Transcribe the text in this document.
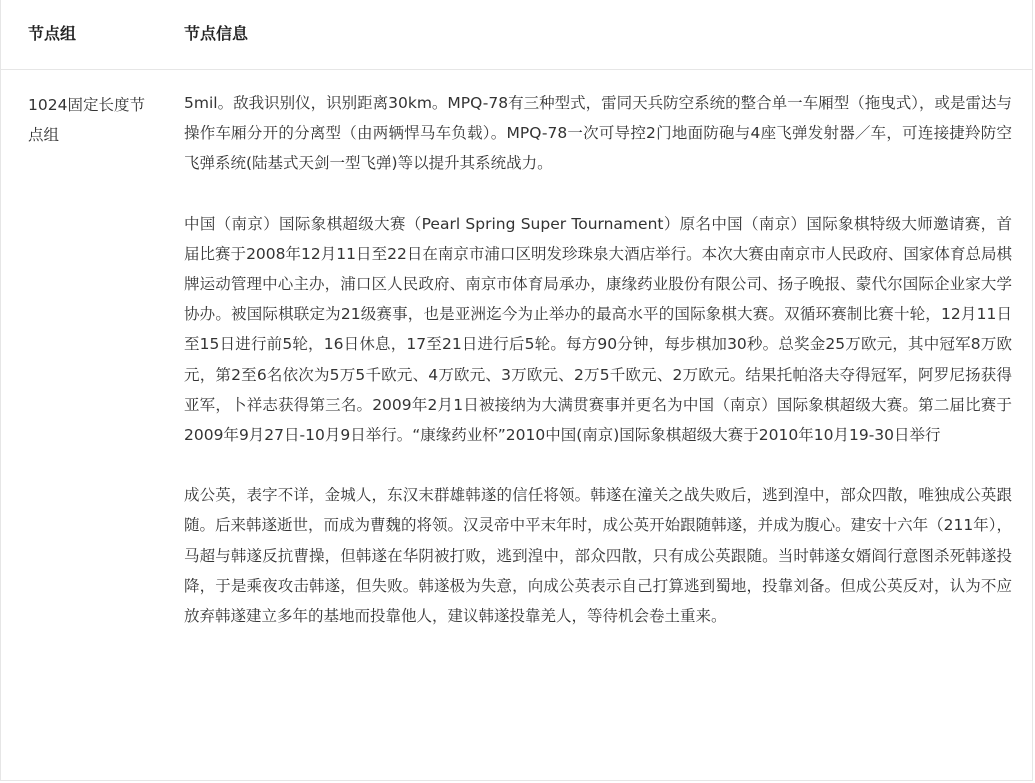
节点组	节点信息
1024固定长度节点组

5mil。敌我识别仪，识别距离30km。MPQ-78有三种型式，雷同天兵防空系统的整合单一车厢型（拖曳式），或是雷达与操作车厢分开的分离型（由两辆悍马车负载）。MPQ-78一次可导控2门地面防砲与4座飞弹发射器／车，可连接捷羚防空飞弹系统(陆基式天剑一型飞弹)等以提升其系统战力。

中国（南京）国际象棋超级大赛（Pearl Spring Super Tournament）原名中国（南京）国际象棋特级大师邀请赛，首届比赛于2008年12月11日至22日在南京市浦口区明发珍珠泉大酒店举行。本次大赛由南京市人民政府、国家体育总局棋牌运动管理中心主办，浦口区人民政府、南京市体育局承办，康缘药业股份有限公司、扬子晚报、蒙代尔国际企业家大学协办。被国际棋联定为21级赛事，也是亚洲迄今为止举办的最高水平的国际象棋大赛。双循环赛制比赛十轮，12月11日至15日进行前5轮，16日休息，17至21日进行后5轮。每方90分钟，每步棋加30秒。总奖金25万欧元，其中冠军8万欧元，第2至6名依次为5万5千欧元、4万欧元、3万欧元、2万5千欧元、2万欧元。结果托帕洛夫夺得冠军，阿罗尼扬获得亚军，卜祥志获得第三名。2009年2月1日被接纳为大满贯赛事并更名为中国（南京）国际象棋超级大赛。第二届比赛于2009年9月27日-10月9日举行。“康缘药业杯”2010中国(南京)国际象棋超级大赛于2010年10月19-30日举行

成公英，表字不详，金城人，东汉末群雄韩遂的信任将领。韩遂在潼关之战失败后，逃到湟中，部众四散，唯独成公英跟随。后来韩遂逝世，而成为曹魏的将领。汉灵帝中平末年时，成公英开始跟随韩遂，并成为腹心。建安十六年（211年），马超与韩遂反抗曹操，但韩遂在华阴被打败，逃到湟中，部众四散，只有成公英跟随。当时韩遂女婿阎行意图杀死韩遂投降，于是乘夜攻击韩遂，但失败。韩遂极为失意，向成公英表示自己打算逃到蜀地，投靠刘备。但成公英反对，认为不应放弃韩遂建立多年的基地而投靠他人，建议韩遂投靠羌人，等待机会卷土重来。
